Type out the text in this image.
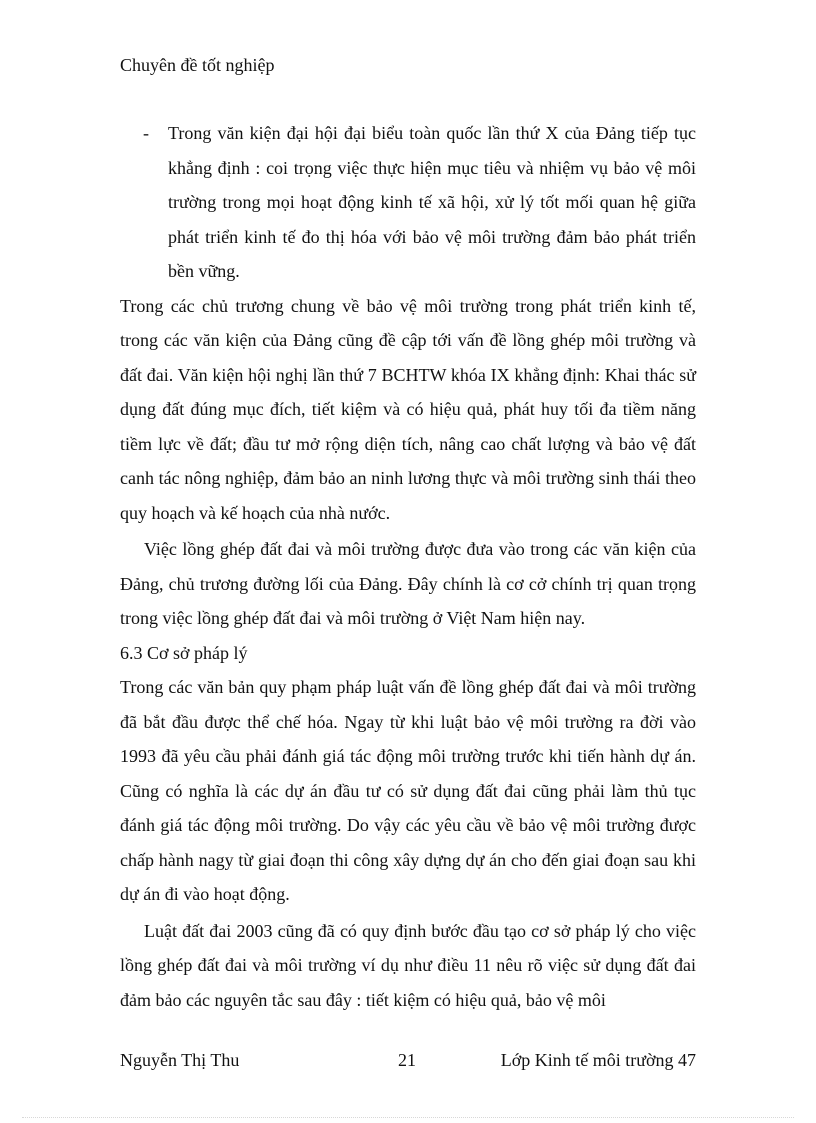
Chuyên đề tốt nghiệp
- Trong văn kiện đại hội đại biểu toàn quốc lần thứ X của Đảng tiếp tục khẳng định : coi trọng việc thực hiện mục tiêu và nhiệm vụ bảo vệ môi trường trong mọi hoạt động kinh tế xã hội, xử lý tốt mối quan hệ giữa phát triển kinh tế đo thị hóa với bảo vệ môi trường đảm bảo phát triển bền vững.

Trong các chủ trương chung về bảo vệ môi trường trong phát triển kinh tế, trong các văn kiện của Đảng cũng đề cập tới vấn đề lồng ghép môi trường và đất đai. Văn kiện hội nghị lần thứ 7 BCHTW khóa IX khẳng định: Khai thác sử dụng đất đúng mục đích, tiết kiệm và có hiệu quả, phát huy tối đa tiềm năng tiềm lực về đất; đầu tư mở rộng diện tích, nâng cao chất lượng và bảo vệ đất canh tác nông nghiệp, đảm bảo an ninh lương thực và môi trường sinh thái theo quy hoạch và kế hoạch của nhà nước.

Việc lồng ghép đất đai và môi trường được đưa vào trong các văn kiện của Đảng, chủ trương đường lối của Đảng. Đây chính là cơ cở chính trị quan trọng trong việc lồng ghép đất đai và môi trường ở Việt Nam hiện nay.

6.3 Cơ sở pháp lý

Trong các văn bản quy phạm pháp luật vấn đề lồng ghép đất đai và môi trường đã bắt đầu được thể chế hóa. Ngay từ khi luật bảo vệ môi trường ra đời vào 1993 đã yêu cầu phải đánh giá tác động môi trường trước khi tiến hành dự án. Cũng có nghĩa là các dự án đầu tư có sử dụng đất đai cũng phải làm thủ tục đánh giá tác động môi trường. Do vậy các yêu cầu về bảo vệ môi trường được chấp hành nagy từ giai đoạn thi công xây dựng dự án cho đến giai đoạn sau khi dự án đi vào hoạt động.

Luật đất đai 2003 cũng đã có quy định bước đầu tạo cơ sở pháp lý cho việc lồng ghép đất đai và môi trường ví dụ như điều 11 nêu rõ việc sử dụng đất đai đảm bảo các nguyên tắc sau đây : tiết kiệm có hiệu quả, bảo vệ môi

Nguyễn Thị Thu	21	Lớp Kinh tế môi trường 47
